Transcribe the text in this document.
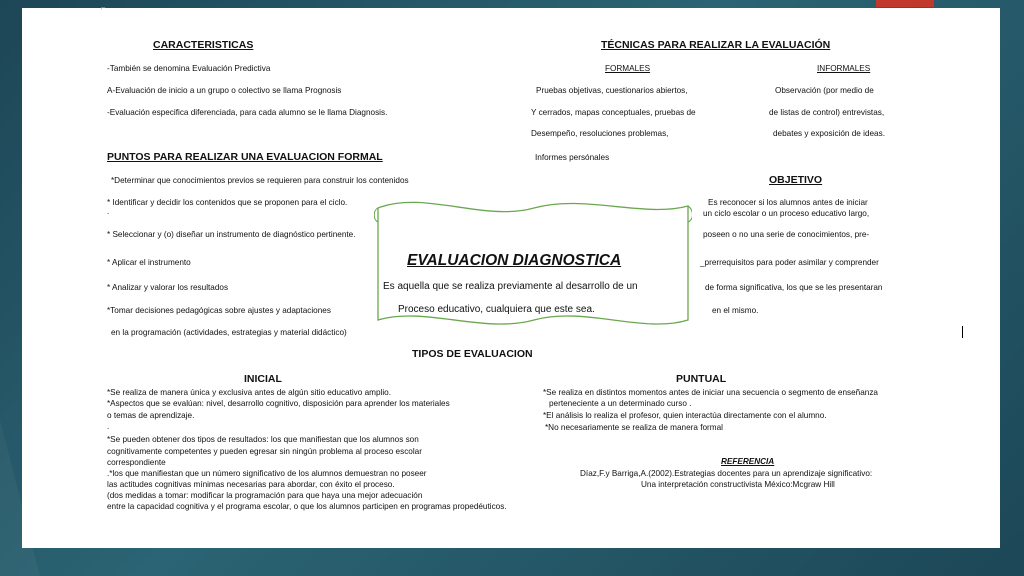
⌐
CARACTERISTICAS
-También se denomina Evaluación Predictiva
A-Evaluación de inicio a un grupo o colectivo se llama Prognosis
-Evaluación especifica diferenciada, para cada alumno se le llama Diagnosis.
TÉCNICAS PARA REALIZAR LA EVALUACIÓN
FORMALES	INFORMALES
Pruebas objetivas, cuestionarios abiertos,
Y cerrados, mapas conceptuales, pruebas de
Desempeño, resoluciones problemas,
Informes persónales
Observación (por medio de
de listas de control) entrevistas,
debates y exposición de ideas.
PUNTOS PARA REALIZAR UNA EVALUACION FORMAL
*Determinar que conocimientos previos se requieren para construir los contenidos
* Identificar y decidir los contenidos que se proponen para el ciclo.
.
* Seleccionar y (o) diseñar un instrumento de diagnóstico pertinente.
* Aplicar el instrumento
* Analizar y valorar los resultados
*Tomar decisiones pedagógicas sobre ajustes y adaptaciones
en la programación (actividades, estrategias y material didáctico)
OBJETIVO
Es reconocer si los alumnos antes de iniciar
un ciclo escolar o un proceso educativo largo,
poseen o no una serie de conocimientos, pre-
_prerrequisitos para poder asimilar y comprender
de forma significativa, los que se les presentaran
en el mismo.
EVALUACION DIAGNOSTICA
Es aquella que se realiza previamente al desarrollo de un
Proceso educativo, cualquiera que este sea.
TIPOS DE EVALUACION
INICIAL	PUNTUAL
*Se realiza de manera única y exclusiva antes de algún sitio educativo amplio.
*Aspectos que se evalúan: nivel, desarrollo cognitivo, disposición para aprender los materiales
o temas de aprendizaje.
.
*Se pueden obtener dos tipos de resultados: los que manifiestan que los alumnos son
cognitivamente competentes y pueden egresar sin ningún problema al proceso escolar
correspondiente
.*los que manifiestan que un número significativo de los alumnos demuestran no poseer
las actitudes cognitivas mínimas necesarias para abordar, con éxito el proceso.
(dos medidas a tomar: modificar la programación para que haya una mejor adecuación
entre la capacidad cognitiva y el programa escolar, o que los alumnos participen en programas propedéuticos.
*Se realiza en distintos momentos antes de iniciar una secuencia o segmento de enseñanza
perteneciente a un determinado curso .
*El análisis lo realiza el profesor, quien interactúa directamente con el alumno.
*No necesariamente se realiza de manera formal
REFERENCIA
Díaz,F.y Barriga,A.(2002).Estrategias docentes para un aprendizaje significativo:
Una interpretación constructivista México:Mcgraw Hill
